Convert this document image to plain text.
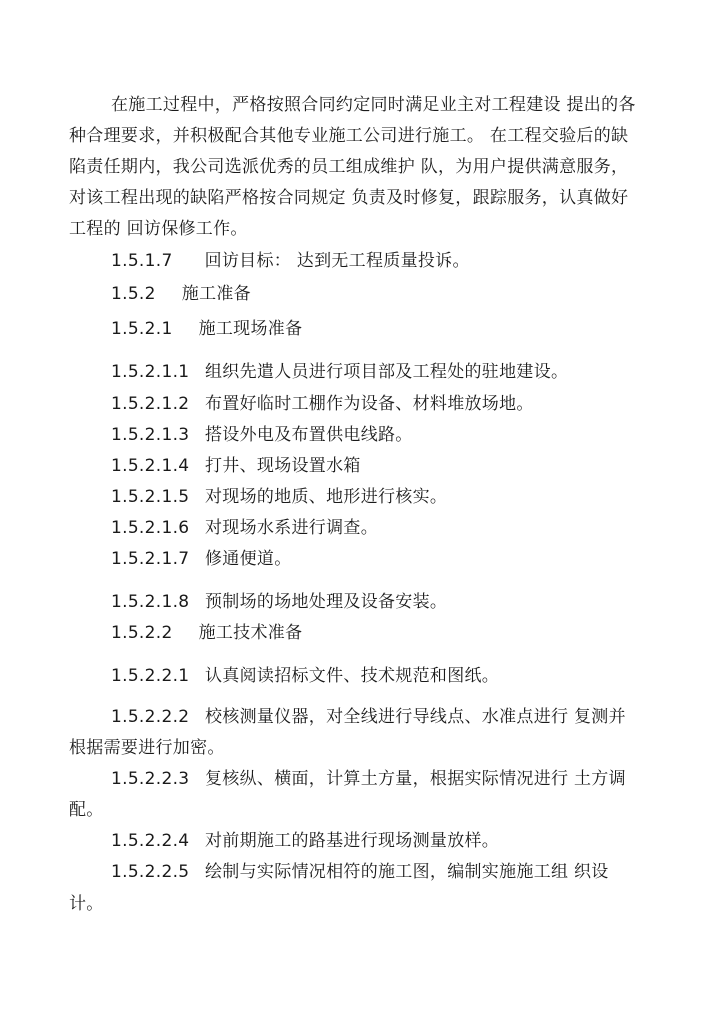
在施工过程中，严格按照合同约定同时满足业主对工程建设 提出的各
种合理要求，并积极配合其他专业施工公司进行施工。 在工程交验后的缺
陷责任期内，我公司选派优秀的员工组成维护 队，为用户提供满意服务，
对该工程出现的缺陷严格按合同规定 负责及时修复，跟踪服务，认真做好
工程的 回访保修工作。
1.5.1.7 回访目标： 达到无工程质量投诉。
1.5.2 施工准备
1.5.2.1 施工现场准备
1.5.2.1.1 组织先遣人员进行项目部及工程处的驻地建设。
1.5.2.1.2 布置好临时工棚作为设备、材料堆放场地。
1.5.2.1.3 搭设外电及布置供电线路。
1.5.2.1.4 打井、现场设置水箱
1.5.2.1.5 对现场的地质、地形进行核实。
1.5.2.1.6 对现场水系进行调查。
1.5.2.1.7 修通便道。
1.5.2.1.8 预制场的场地处理及设备安装。
1.5.2.2 施工技术准备
1.5.2.2.1 认真阅读招标文件、技术规范和图纸。
1.5.2.2.2 校核测量仪器，对全线进行导线点、水准点进行 复测并
根据需要进行加密。
1.5.2.2.3 复核纵、横面，计算土方量，根据实际情况进行 土方调
配。
1.5.2.2.4 对前期施工的路基进行现场测量放样。
1.5.2.2.5 绘制与实际情况相符的施工图，编制实施施工组 织设
计。
